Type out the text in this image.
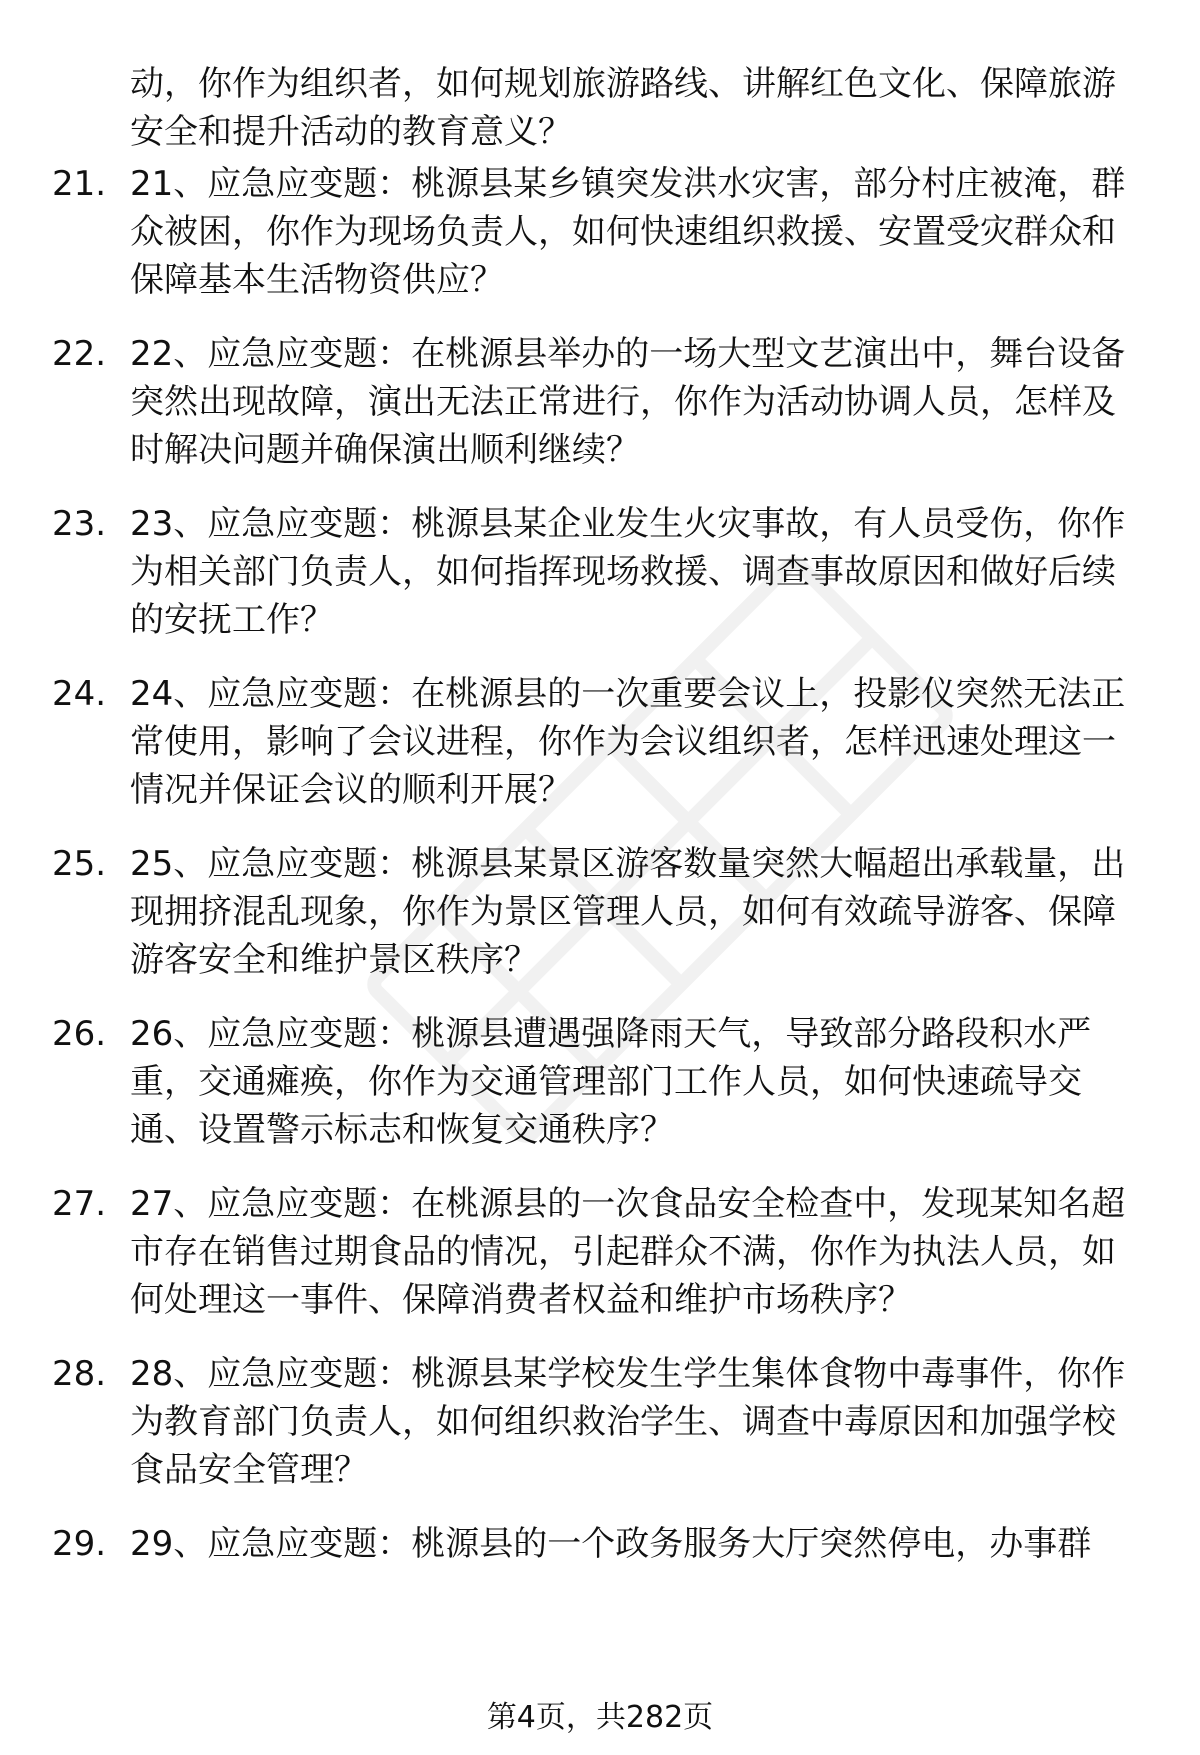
动，你作为组织者，如何规划旅游路线、讲解红色文化、保障旅游安全和提升活动的教育意义？
21. 21、应急应变题：桃源县某乡镇突发洪水灾害，部分村庄被淹，群众被困，你作为现场负责人，如何快速组织救援、安置受灾群众和保障基本生活物资供应？
22. 22、应急应变题：在桃源县举办的一场大型文艺演出中，舞台设备突然出现故障，演出无法正常进行，你作为活动协调人员，怎样及时解决问题并确保演出顺利继续？
23. 23、应急应变题：桃源县某企业发生火灾事故，有人员受伤，你作为相关部门负责人，如何指挥现场救援、调查事故原因和做好后续的安抚工作？
24. 24、应急应变题：在桃源县的一次重要会议上，投影仪突然无法正常使用，影响了会议进程，你作为会议组织者，怎样迅速处理这一情况并保证会议的顺利开展？
25. 25、应急应变题：桃源县某景区游客数量突然大幅超出承载量，出现拥挤混乱现象，你作为景区管理人员，如何有效疏导游客、保障游客安全和维护景区秩序？
26. 26、应急应变题：桃源县遭遇强降雨天气，导致部分路段积水严重，交通瘫痪，你作为交通管理部门工作人员，如何快速疏导交通、设置警示标志和恢复交通秩序？
27. 27、应急应变题：在桃源县的一次食品安全检查中，发现某知名超市存在销售过期食品的情况，引起群众不满，你作为执法人员，如何处理这一事件、保障消费者权益和维护市场秩序？
28. 28、应急应变题：桃源县某学校发生学生集体食物中毒事件，你作为教育部门负责人，如何组织救治学生、调查中毒原因和加强学校食品安全管理？
29. 29、应急应变题：桃源县的一个政务服务大厅突然停电，办事群
第4页，共282页
